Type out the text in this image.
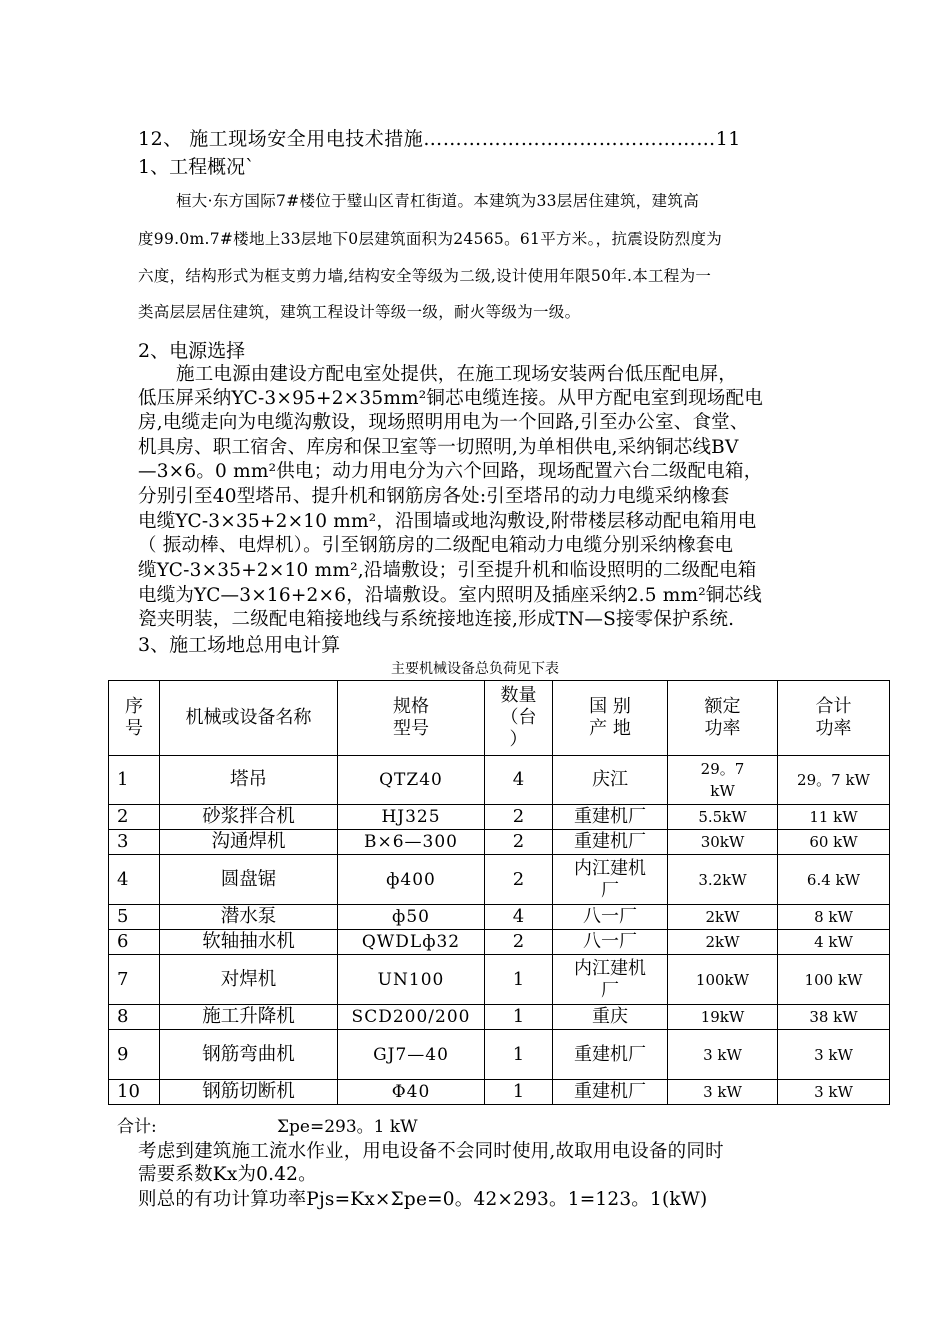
12、 施工现场安全用电技术措施………………………………………11
1、工程概况`
桓大·东方国际7#楼位于璧山区青杠街道。本建筑为33层居住建筑，建筑高
度99.0m.7#楼地上33层地下0层建筑面积为24565。61平方米。，抗震设防烈度为
六度，结构形式为框支剪力墙,结构安全等级为二级,设计使用年限50年.本工程为一
类高层层居住建筑，建筑工程设计等级一级，耐火等级为一级。
2、电源选择
施工电源由建设方配电室处提供，在施工现场安装两台低压配电屏，
低压屏采纳YC-3×95+2×35mm²铜芯电缆连接。从甲方配电室到现场配电
房,电缆走向为电缆沟敷设，现场照明用电为一个回路,引至办公室、食堂、
机具房、职工宿舍、库房和保卫室等一切照明,为单相供电,采纳铜芯线BV
—3×6。0 mm²供电；动力用电分为六个回路，现场配置六台二级配电箱，
分别引至40型塔吊、提升机和钢筋房各处:引至塔吊的动力电缆采纳橡套
电缆YC-3×35+2×10 mm²，沿围墙或地沟敷设,附带楼层移动配电箱用电
（ 振动棒、电焊机）。引至钢筋房的二级配电箱动力电缆分别采纳橡套电
缆YC-3×35+2×10 mm²,沿墙敷设；引至提升机和临设照明的二级配电箱
电缆为YC—3×16+2×6，沿墙敷设。室内照明及插座采纳2.5 mm²铜芯线
瓷夹明装，二级配电箱接地线与系统接地连接,形成TN—S接零保护系统.
3、施工场地总用电计算
主要机械设备总负荷见下表
序
号	机械或设备名称	规格
型号	数量
（台
）	国 别
产 地	额定
功率	合计
功率
1	塔吊	QTZ40	4	庆江	29。7
kW	29。7 kW
2	砂浆拌合机	HJ325	2	重建机厂	5.5kW	11 kW
3	沟通焊机	B×6—300	2	重建机厂	30kW	60 kW
4	圆盘锯	ф400	2	内江建机
厂	3.2kW	6.4 kW
5	潜水泵	ф50	4	八一厂	2kW	8 kW
6	软轴抽水机	QWDLф32	2	八一厂	2kW	4 kW
7	对焊机	UN100	1	内江建机
厂	100kW	100 kW
8	施工升降机	SCD200/200	1	重庆	19kW	38 kW
9	钢筋弯曲机	GJ7—40	1	重建机厂	3 kW	3 kW
10	钢筋切断机	Φ40	1	重建机厂	3 kW	3 kW
合计:	Σpe=293。1 kW
考虑到建筑施工流水作业，用电设备不会同时使用,故取用电设备的同时
需要系数Kx为0.42。
则总的有功计算功率Pjs=Kx×Σpe=0。42×293。1=123。1(kW)
